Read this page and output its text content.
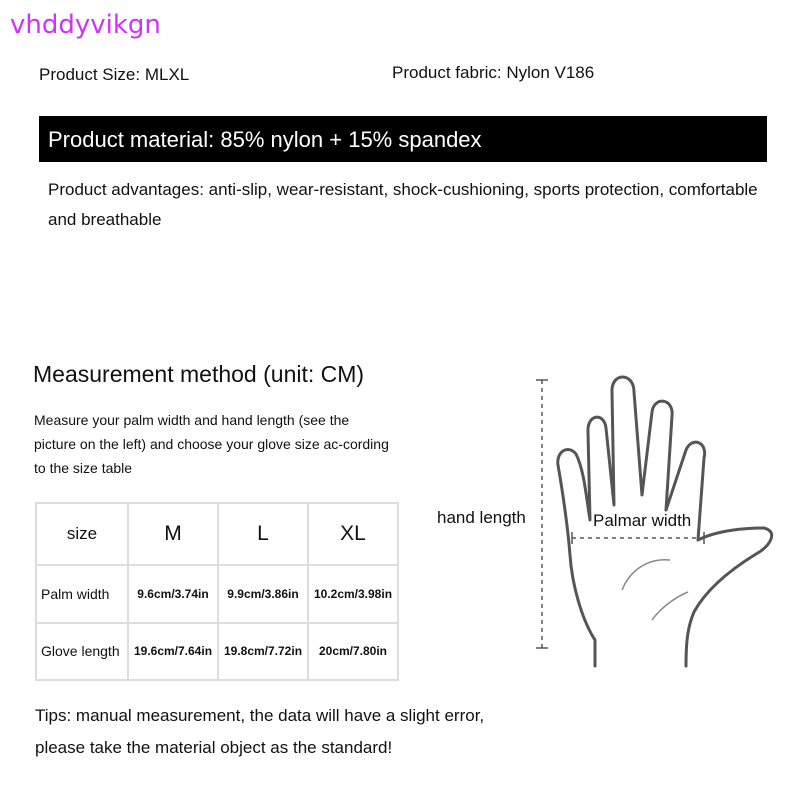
vhddyvikgn
Product Size: MLXL	Product fabric: Nylon V186
Product material: 85% nylon + 15% spandex
Product advantages: anti-slip, wear-resistant, shock-cushioning, sports protection, comfortable and breathable
Measurement method (unit: CM)
Measure your palm width and hand length (see the picture on the left) and choose your glove size ac-cording to the size table
size	M	L	XL
Palm width	9.6cm/3.74in	9.9cm/3.86in	10.2cm/3.98in
Glove length	19.6cm/7.64in	19.8cm/7.72in	20cm/7.80in
Tips: manual measurement, the data will have a slight error,
please take the material object as the standard!
hand length	Palmar width
